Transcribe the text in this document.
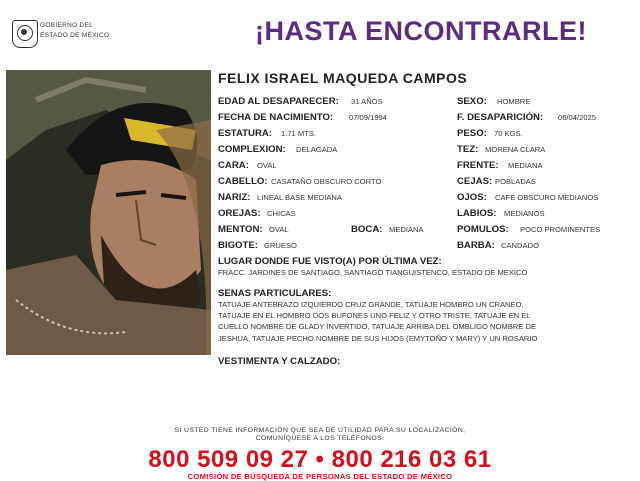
GOBIERNO DEL
ESTADO DE MÉXICO	¡HASTA ENCONTRARLE!
FELIX ISRAEL MAQUEDA CAMPOS
EDAD AL DESAPARECER: 31 AÑOS	SEXO: HOMBRE
FECHA DE NACIMIENTO: 07/09/1994	F. DESAPARICIÓN: 06/04/2025
ESTATURA: 1.71 MTS.	PESO: 70 KGS.
COMPLEXION: DELAGADA	TEZ: MORENA CLARA
CARA: OVAL	FRENTE: MEDIANA
CABELLO: CASATAÑO OBSCURO CORTO	CEJAS: POBLADAS
NARIZ: LINEAL BASE MEDIANA	OJOS: CAFE OBSCURO MEDIANOS
OREJAS: CHICAS	LABIOS: MEDIANOS
MENTON: OVAL	BOCA: MEDIANA	POMULOS: POCO PROMINENTES
BIGOTE: GRUESO	BARBA: CANDADO
LUGAR DONDE FUE VISTO(A) POR ÚLTIMA VEZ:
FRACC. JARDINES DE SANTIAGO, SANTIAGO TIANGUISTENCO, ESTADO DE MEXICO
SENAS PARTICULARES:
TATUAJE ANTEBRAZO IZQUIERDO CRUZ GRANDE, TATUAJE HOMBRO UN CRANEO,
TATUAJE EN EL HOMBRO DOS BUFONES UNO FELIZ Y OTRO TRISTE, TATUAJE EN EL
CUELLO NOMBRE DE GLADY INVERTIDO, TATUAJE ARRIBA DEL OMBLIGO NOMBRE DE
JESHUA, TATUAJE PECHO NOMBRE DE SUS HIJOS (EMYTOÑO Y MARY) Y UN ROSARIO
VESTIMENTA Y CALZADO:
SI USTED TIENE INFORMACIÓN QUE SEA DE UTILIDAD PARA SU LOCALIZACIÓN,
COMUNÍQUESE A LOS TELÉFONOS:
800 509 09 27 • 800 216 03 61
COMISIÓN DE BÚSQUEDA DE PERSONAS DEL ESTADO DE MÉXICO
